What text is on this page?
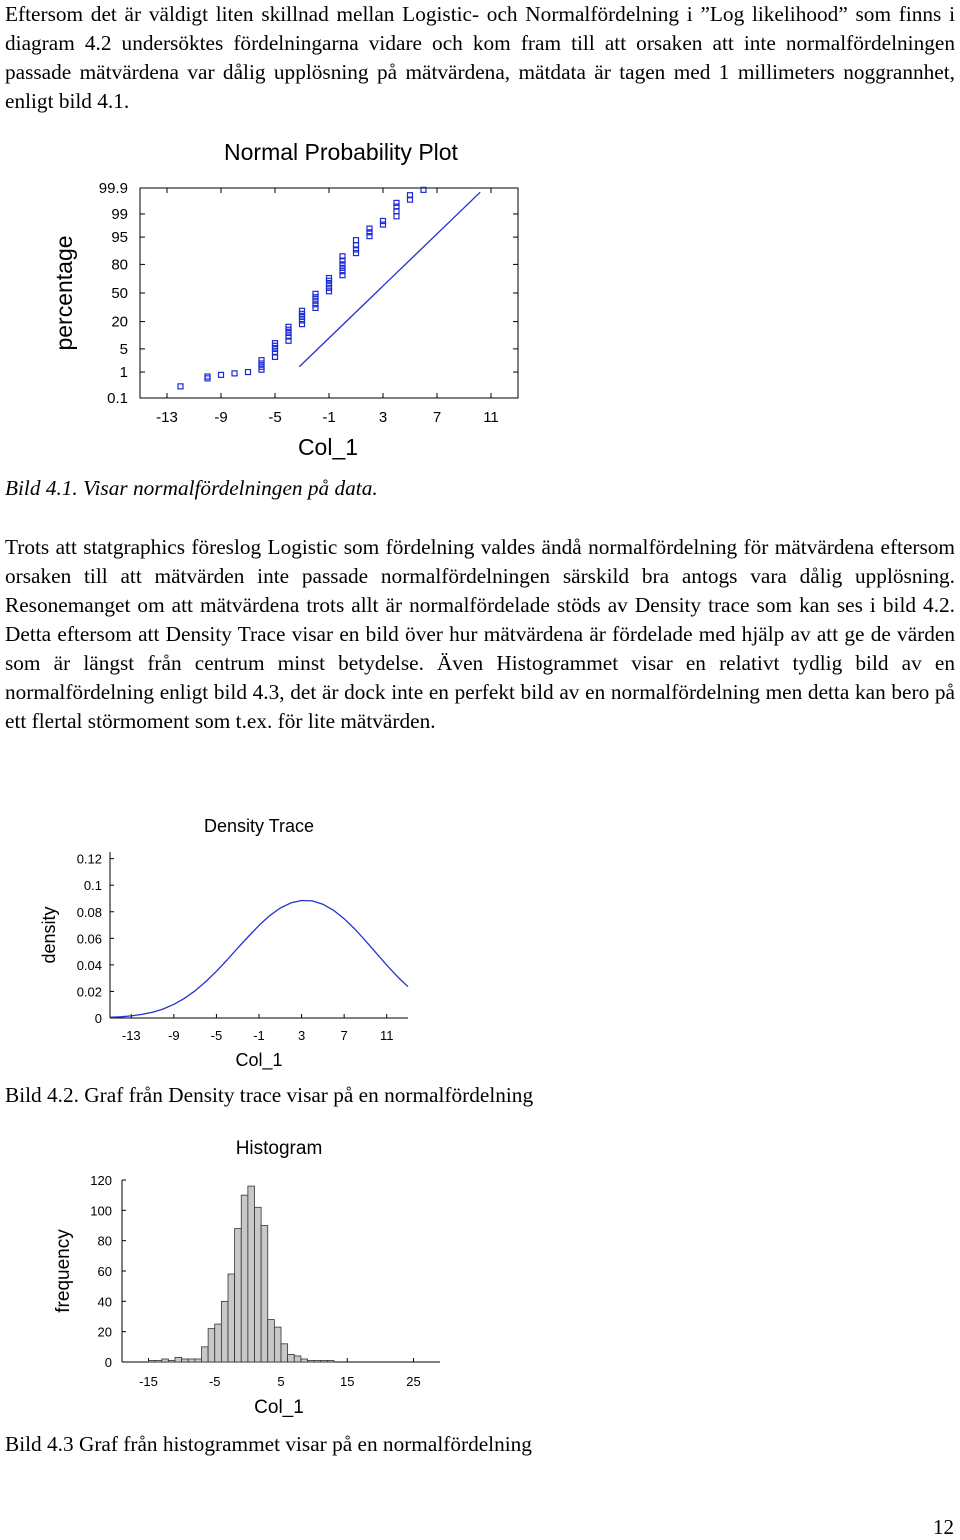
Eftersom det är väldigt liten skillnad mellan Logistic- och Normalfördelning i ”Log likelihood” som finns i diagram 4.2 undersöktes fördelningarna vidare och kom fram till att orsaken att inte normalfördelningen passade mätvärdena var dålig upplösning på mätvärdena, mätdata är tagen med 1 millimeters noggrannhet, enligt bild 4.1.

Normal Probability Plot
99.9
99
95
80
50
20
5
1
0.1
-13 -9	-5	-1	3	7	11
Col_1
percentage

Bild 4.1. Visar normalfördelningen på data.

Trots att statgraphics föreslog Logistic som fördelning valdes ändå normalfördelning för mätvärdena eftersom orsaken till att mätvärden inte passade normalfördelningen särskild bra antogs vara dålig upplösning. Resonemanget om att mätvärdena trots allt är normalfördelade stöds av Density trace som kan ses i bild 4.2. Detta eftersom att Density Trace visar en bild över hur mätvärdena är fördelade med hjälp av att ge de värden som är längst från centrum minst betydelse. Även Histogrammet visar en relativt tydlig bild av en normalfördelning enligt bild 4.3, det är dock inte en perfekt bild av en normalfördelning men detta kan bero på ett flertal störmoment som t.ex. för lite mätvärden.

Density Trace
0.12
0.1
0.08
0.06
0.04
0.02
0
-13 -9 -5 -1	3	7 11
Col_1
density

Bild 4.2. Graf från Density trace visar på en normalfördelning

Histogram
120
100
80
60
40
20
0
-15	-5	5	15	25
Col_1
frequency

Bild 4.3 Graf från histogrammet visar på en normalfördelning

12
